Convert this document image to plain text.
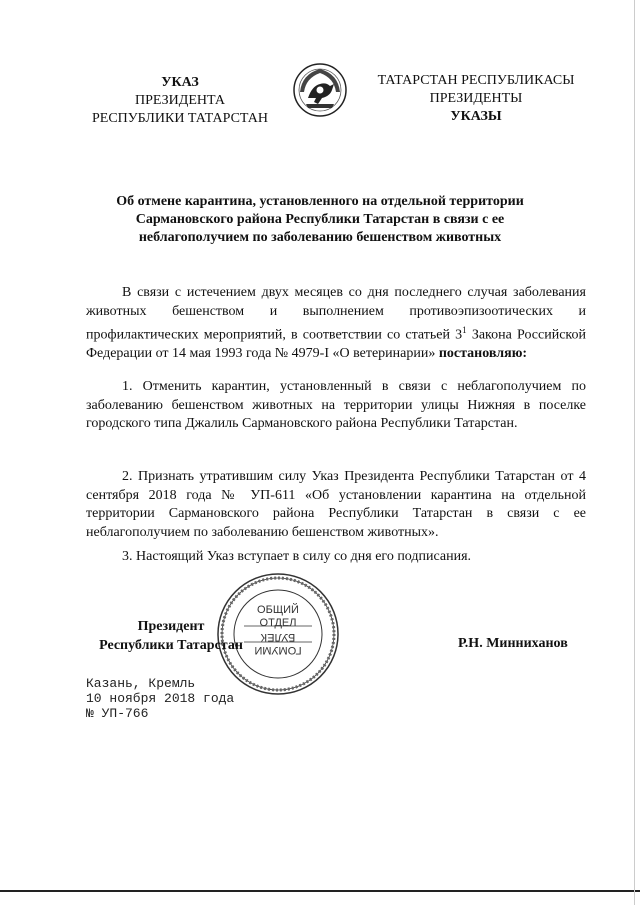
УКАЗ
ПРЕЗИДЕНТА
РЕСПУБЛИКИ ТАТАРСТАН
ТАТАРСТАН РЕСПУБЛИКАСЫ
ПРЕЗИДЕНТЫ
УКАЗЫ
Об отмене карантина, установленного на отдельной территории Сармановского района Республики Татарстан в связи с ее неблагополучием по заболеванию бешенством животных

В связи с истечением двух месяцев со дня последнего случая заболевания животных бешенством и выполнением противоэпизоотических и профилактических мероприятий, в соответствии со статьей $3^1$ Закона Российской Федерации от 14 мая 1993 года № 4979-I «О ветеринарии» постановляю:

1. Отменить карантин, установленный в связи с неблагополучием по заболеванию бешенством животных на территории улицы Нижняя в поселке городского типа Джалиль Сармановского района Республики Татарстан.

2. Признать утратившим силу Указ Президента Республики Татарстан от 4 сентября 2018 года № УП-611 «Об установлении карантина на отдельной территории Сармановского района Республики Татарстан в связи с ее неблагополучием по заболеванию бешенством животных».

3. Настоящий Указ вступает в силу со дня его подписания.

ОБЩИЙ
ОТДЕЛ
БУЛЕК
ГОМУМИ
Президент
Республики Татарстан	Р.Н. Минниханов
Казань, Кремль
10 ноября 2018 года
№ УП-766
